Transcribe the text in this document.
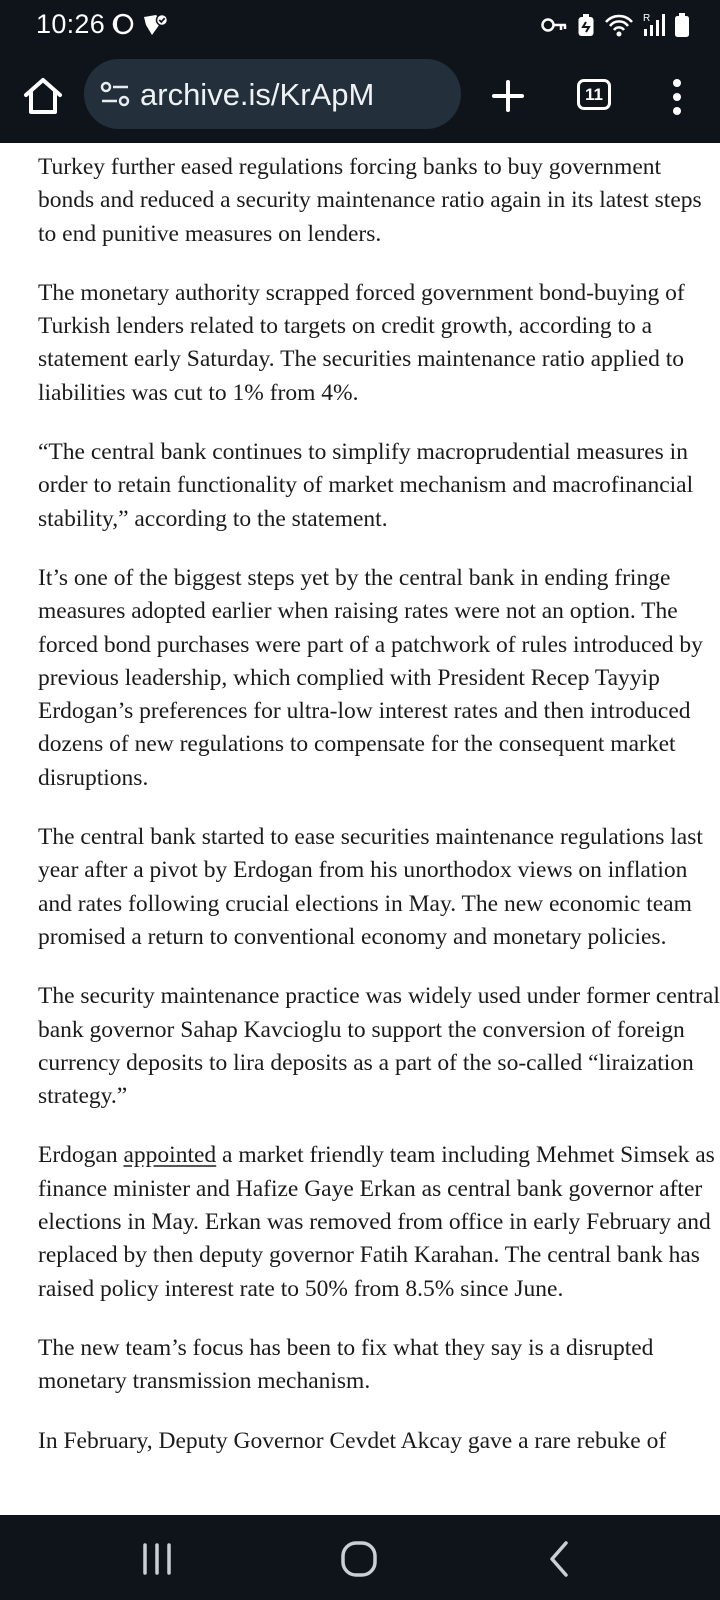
10:26	R
archive.is/KrApM	11

Turkey further eased regulations forcing banks to buy government bonds and reduced a security maintenance ratio again in its latest steps to end punitive measures on lenders.

The monetary authority scrapped forced government bond-buying of Turkish lenders related to targets on credit growth, according to a statement early Saturday. The securities maintenance ratio applied to liabilities was cut to 1% from 4%.

“The central bank continues to simplify macroprudential measures in order to retain functionality of market mechanism and macrofinancial stability,” according to the statement.

It’s one of the biggest steps yet by the central bank in ending fringe measures adopted earlier when raising rates were not an option. The forced bond purchases were part of a patchwork of rules introduced by previous leadership, which complied with President Recep Tayyip Erdogan’s preferences for ultra-low interest rates and then introduced dozens of new regulations to compensate for the consequent market disruptions.

The central bank started to ease securities maintenance regulations last year after a pivot by Erdogan from his unorthodox views on inflation and rates following crucial elections in May. The new economic team promised a return to conventional economy and monetary policies.

The security maintenance practice was widely used under former central bank governor Sahap Kavcioglu to support the conversion of foreign currency deposits to lira deposits as a part of the so-called “liraization strategy.”

Erdogan appointed a market friendly team including Mehmet Simsek as finance minister and Hafize Gaye Erkan as central bank governor after elections in May. Erkan was removed from office in early February and replaced by then deputy governor Fatih Karahan. The central bank has raised policy interest rate to 50% from 8.5% since June.

The new team’s focus has been to fix what they say is a disrupted monetary transmission mechanism.

In February, Deputy Governor Cevdet Akcay gave a rare rebuke of
